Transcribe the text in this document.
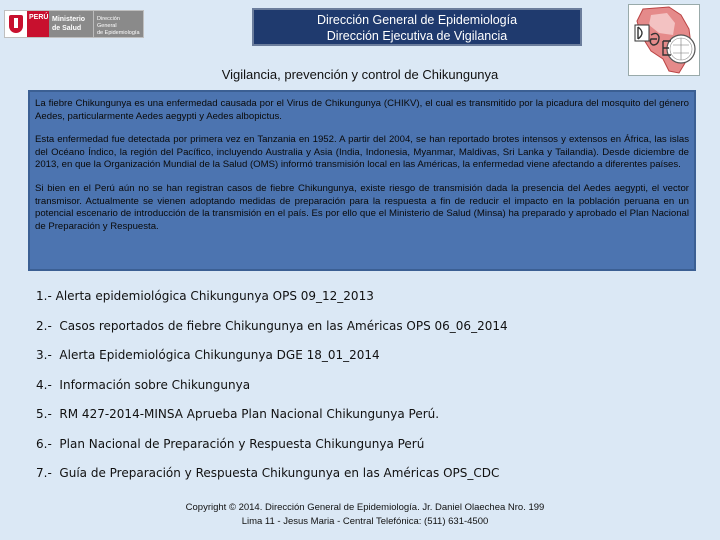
PERÚ Ministerio
de Salud
Dirección General
de Epidemiología
Dirección General de Epidemiología
Dirección Ejecutiva de Vigilancia
Vigilancia, prevención y control de Chikungunya

La fiebre Chikungunya es una enfermedad causada por el Virus de Chikungunya (CHIKV), el cual es transmitido por la picadura del mosquito del género Aedes, particularmente Aedes aegypti y Aedes albopictus.

Esta enfermedad fue detectada por primera vez en Tanzania en 1952. A partir del 2004, se han reportado brotes intensos y extensos en África, las islas del Océano Índico, la región del Pacífico, incluyendo Australia y Asia (India, Indonesia, Myanmar, Maldivas, Sri Lanka y Tailandia). Desde diciembre de 2013, en que la Organización Mundial de la Salud (OMS) informó transmisión local en las Américas, la enfermedad viene afectando a diferentes países.

Si bien en el Perú aún no se han registran casos de fiebre Chikungunya, existe riesgo de transmisión dada la presencia del Aedes aegypti, el vector transmisor. Actualmente se vienen adoptando medidas de preparación para la respuesta a fin de reducir el impacto en la población peruana en un potencial escenario de introducción de la transmisión en el país. Es por ello que el Ministerio de Salud (Minsa) ha preparado y aprobado el Plan Nacional de Preparación y Respuesta.

1.- Alerta epidemiológica Chikungunya OPS 09_12_2013
2.- Casos reportados de fiebre Chikungunya en las Américas OPS 06_06_2014
3.- Alerta Epidemiológica Chikungunya DGE 18_01_2014
4.- Información sobre Chikungunya
5.- RM 427-2014-MINSA Aprueba Plan Nacional Chikungunya Perú.
6.- Plan Nacional de Preparación y Respuesta Chikungunya Perú
7.- Guía de Preparación y Respuesta Chikungunya en las Américas OPS_CDC
Copyright © 2014. Dirección General de Epidemiología. Jr. Daniel Olaechea Nro. 199
Lima 11 - Jesus Maria - Central Telefónica: (511) 631-4500
